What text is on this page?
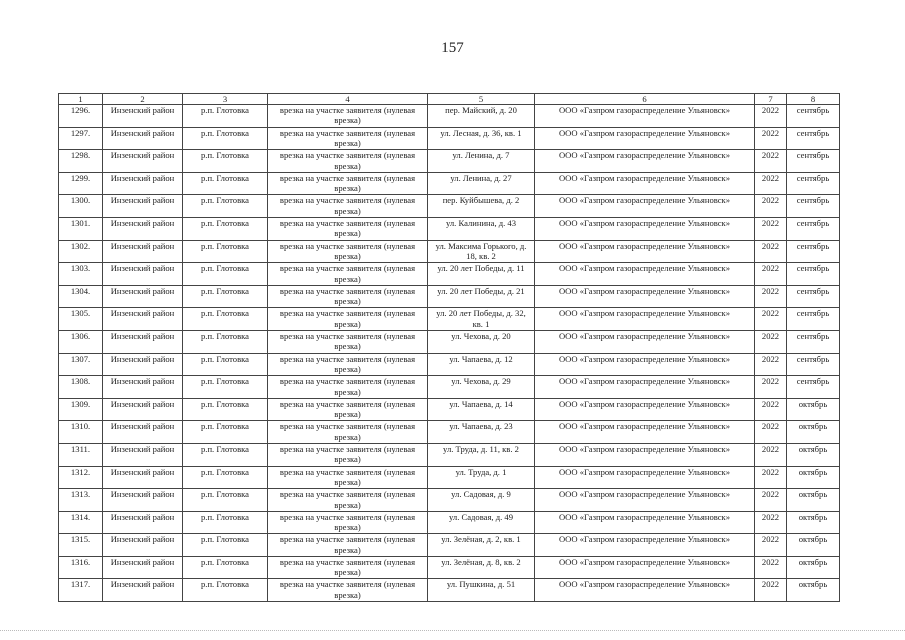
157
1	2	3	4	5	6	7	8
1296.	Инзенский район	р.п. Глотовка	врезка на участке заявителя (нулевая врезка)	пер. Майский, д. 20	ООО «Газпром газораспределение Ульяновск»	2022	сентябрь
1297.	Инзенский район	р.п. Глотовка	врезка на участке заявителя (нулевая врезка)	ул. Лесная, д. 36, кв. 1	ООО «Газпром газораспределение Ульяновск»	2022	сентябрь
1298.	Инзенский район	р.п. Глотовка	врезка на участке заявителя (нулевая врезка)	ул. Ленина, д. 7	ООО «Газпром газораспределение Ульяновск»	2022	сентябрь
1299.	Инзенский район	р.п. Глотовка	врезка на участке заявителя (нулевая врезка)	ул. Ленина, д. 27	ООО «Газпром газораспределение Ульяновск»	2022	сентябрь
1300.	Инзенский район	р.п. Глотовка	врезка на участке заявителя (нулевая врезка)	пер. Куйбышева, д. 2	ООО «Газпром газораспределение Ульяновск»	2022	сентябрь
1301.	Инзенский район	р.п. Глотовка	врезка на участке заявителя (нулевая врезка)	ул. Калинина, д. 43	ООО «Газпром газораспределение Ульяновск»	2022	сентябрь
1302.	Инзенский район	р.п. Глотовка	врезка на участке заявителя (нулевая врезка)	ул. Максима Горького, д. 18, кв. 2	ООО «Газпром газораспределение Ульяновск»	2022	сентябрь
1303.	Инзенский район	р.п. Глотовка	врезка на участке заявителя (нулевая врезка)	ул. 20 лет Победы, д. 11	ООО «Газпром газораспределение Ульяновск»	2022	сентябрь
1304.	Инзенский район	р.п. Глотовка	врезка на участке заявителя (нулевая врезка)	ул. 20 лет Победы, д. 21	ООО «Газпром газораспределение Ульяновск»	2022	сентябрь
1305.	Инзенский район	р.п. Глотовка	врезка на участке заявителя (нулевая врезка)	ул. 20 лет Победы, д. 32, кв. 1	ООО «Газпром газораспределение Ульяновск»	2022	сентябрь
1306.	Инзенский район	р.п. Глотовка	врезка на участке заявителя (нулевая врезка)	ул. Чехова, д. 20	ООО «Газпром газораспределение Ульяновск»	2022	сентябрь
1307.	Инзенский район	р.п. Глотовка	врезка на участке заявителя (нулевая врезка)	ул. Чапаева, д. 12	ООО «Газпром газораспределение Ульяновск»	2022	сентябрь
1308.	Инзенский район	р.п. Глотовка	врезка на участке заявителя (нулевая врезка)	ул. Чехова, д. 29	ООО «Газпром газораспределение Ульяновск»	2022	сентябрь
1309.	Инзенский район	р.п. Глотовка	врезка на участке заявителя (нулевая врезка)	ул. Чапаева, д. 14	ООО «Газпром газораспределение Ульяновск»	2022	октябрь
1310.	Инзенский район	р.п. Глотовка	врезка на участке заявителя (нулевая врезка)	ул. Чапаева, д. 23	ООО «Газпром газораспределение Ульяновск»	2022	октябрь
1311.	Инзенский район	р.п. Глотовка	врезка на участке заявителя (нулевая врезка)	ул. Труда, д. 11, кв. 2	ООО «Газпром газораспределение Ульяновск»	2022	октябрь
1312.	Инзенский район	р.п. Глотовка	врезка на участке заявителя (нулевая врезка)	ул. Труда, д. 1	ООО «Газпром газораспределение Ульяновск»	2022	октябрь
1313.	Инзенский район	р.п. Глотовка	врезка на участке заявителя (нулевая врезка)	ул. Садовая, д. 9	ООО «Газпром газораспределение Ульяновск»	2022	октябрь
1314.	Инзенский район	р.п. Глотовка	врезка на участке заявителя (нулевая врезка)	ул. Садовая, д. 49	ООО «Газпром газораспределение Ульяновск»	2022	октябрь
1315.	Инзенский район	р.п. Глотовка	врезка на участке заявителя (нулевая врезка)	ул. Зелёная, д. 2, кв. 1	ООО «Газпром газораспределение Ульяновск»	2022	октябрь
1316.	Инзенский район	р.п. Глотовка	врезка на участке заявителя (нулевая врезка)	ул. Зелёная, д. 8, кв. 2	ООО «Газпром газораспределение Ульяновск»	2022	октябрь
1317.	Инзенский район	р.п. Глотовка	врезка на участке заявителя (нулевая врезка)	ул. Пушкина, д. 51	ООО «Газпром газораспределение Ульяновск»	2022	октябрь
